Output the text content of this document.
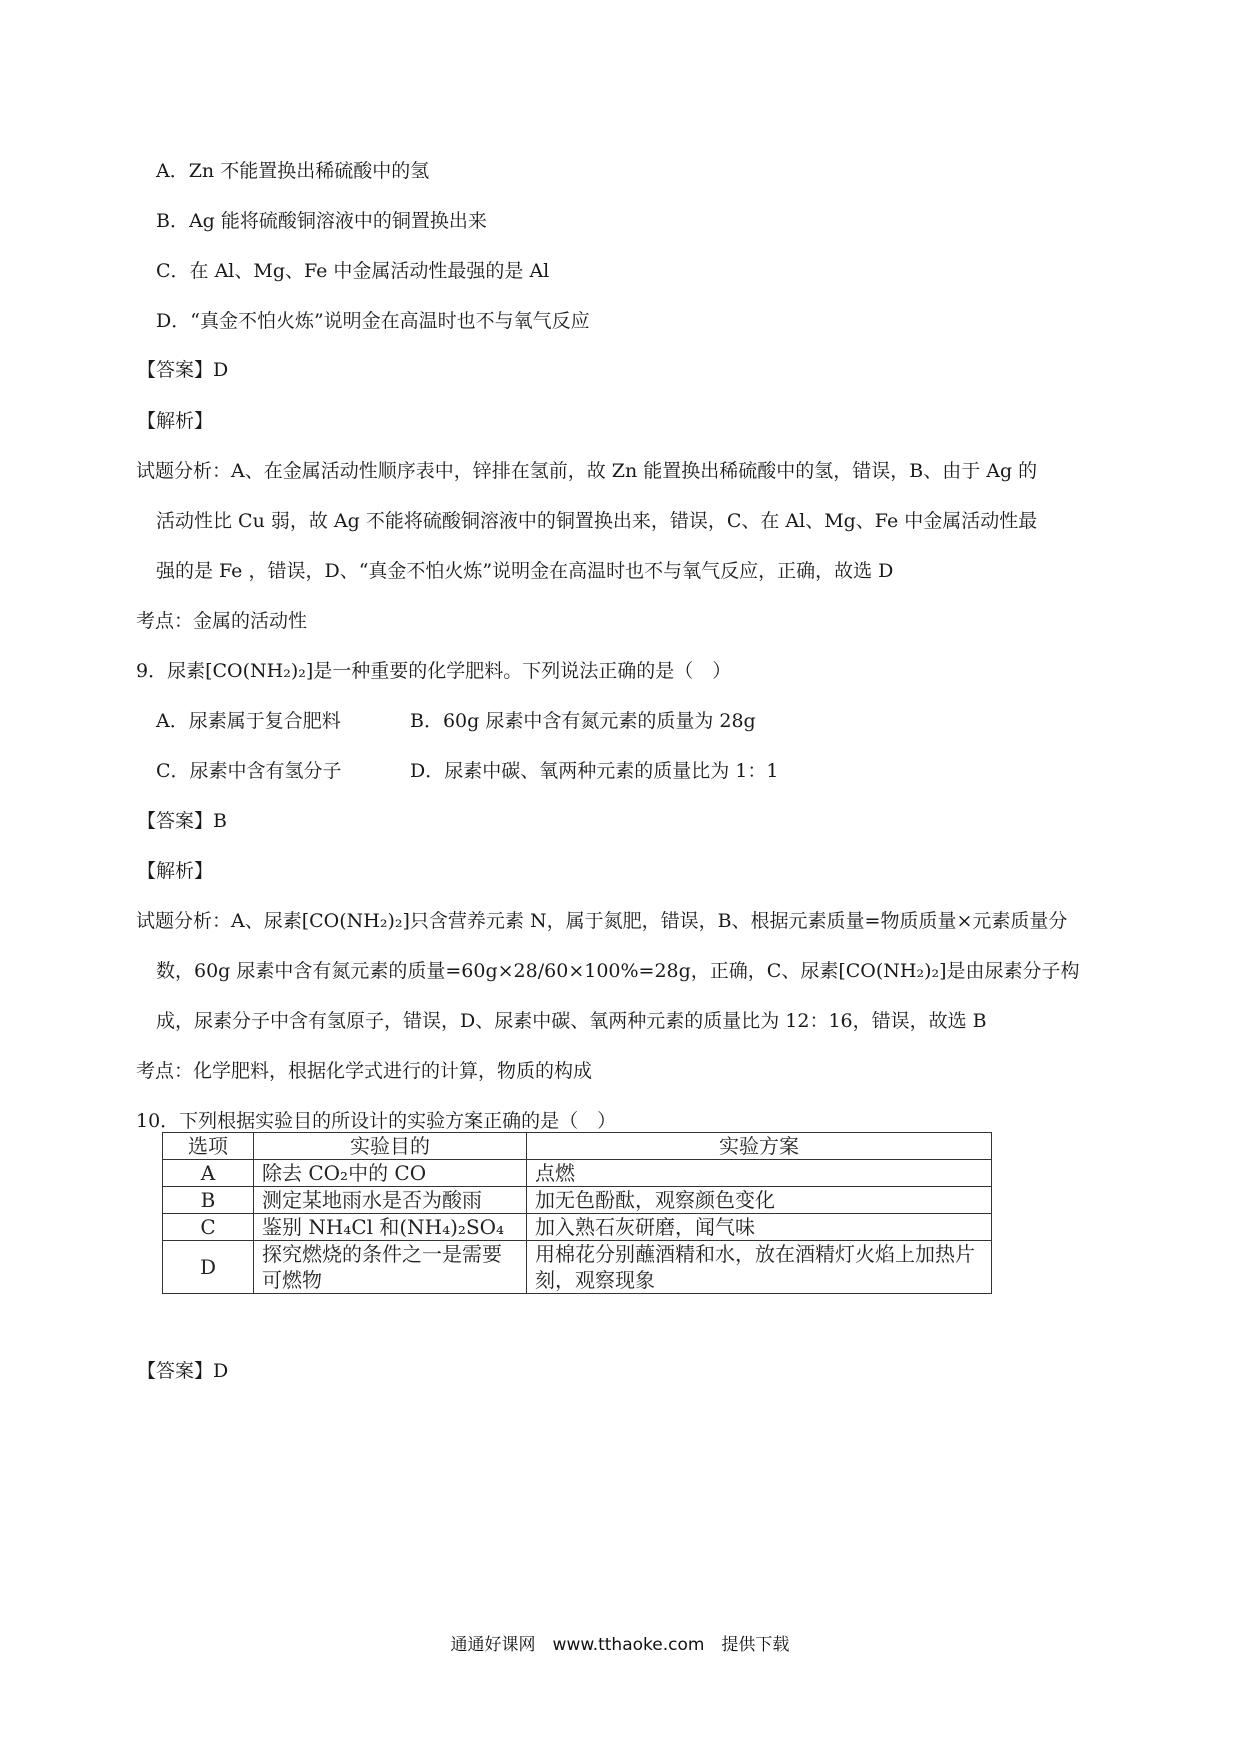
A．Zn 不能置换出稀硫酸中的氢
B．Ag 能将硫酸铜溶液中的铜置换出来
C．在 Al、Mg、Fe 中金属活动性最强的是 Al
D．“真金不怕火炼”说明金在高温时也不与氧气反应
【答案】D
【解析】
试题分析：A、在金属活动性顺序表中，锌排在氢前，故 Zn 能置换出稀硫酸中的氢，错误，B、由于 Ag 的
活动性比 Cu 弱，故 Ag 不能将硫酸铜溶液中的铜置换出来，错误，C、在 Al、Mg、Fe 中金属活动性最
强的是 Fe ，错误，D、“真金不怕火炼”说明金在高温时也不与氧气反应，正确，故选 D
考点：金属的活动性
9．尿素[CO(NH₂)₂]是一种重要的化学肥料。下列说法正确的是（　）
A．尿素属于复合肥料	B．60g 尿素中含有氮元素的质量为 28g
C．尿素中含有氢分子	D．尿素中碳、氧两种元素的质量比为 1：1
【答案】B
【解析】
试题分析：A、尿素[CO(NH₂)₂]只含营养元素 N，属于氮肥，错误，B、根据元素质量=物质质量×元素质量分
数，60g 尿素中含有氮元素的质量=60g×28/60×100%=28g，正确，C、尿素[CO(NH₂)₂]是由尿素分子构
成，尿素分子中含有氢原子，错误，D、尿素中碳、氧两种元素的质量比为 12：16，错误，故选 B
考点：化学肥料，根据化学式进行的计算，物质的构成
10．下列根据实验目的所设计的实验方案正确的是（　）
选项	实验目的	实验方案
A	除去 CO₂中的 CO	点燃
B	测定某地雨水是否为酸雨	加无色酚酞，观察颜色变化
C	鉴别 NH₄Cl 和(NH₄)₂SO₄	加入熟石灰研磨，闻气味
D	探究燃烧的条件之一是需要可燃物	用棉花分别蘸酒精和水，放在酒精灯火焰上加热片刻，观察现象
【答案】D
通通好课网　www.tthaoke.com　提供下载
